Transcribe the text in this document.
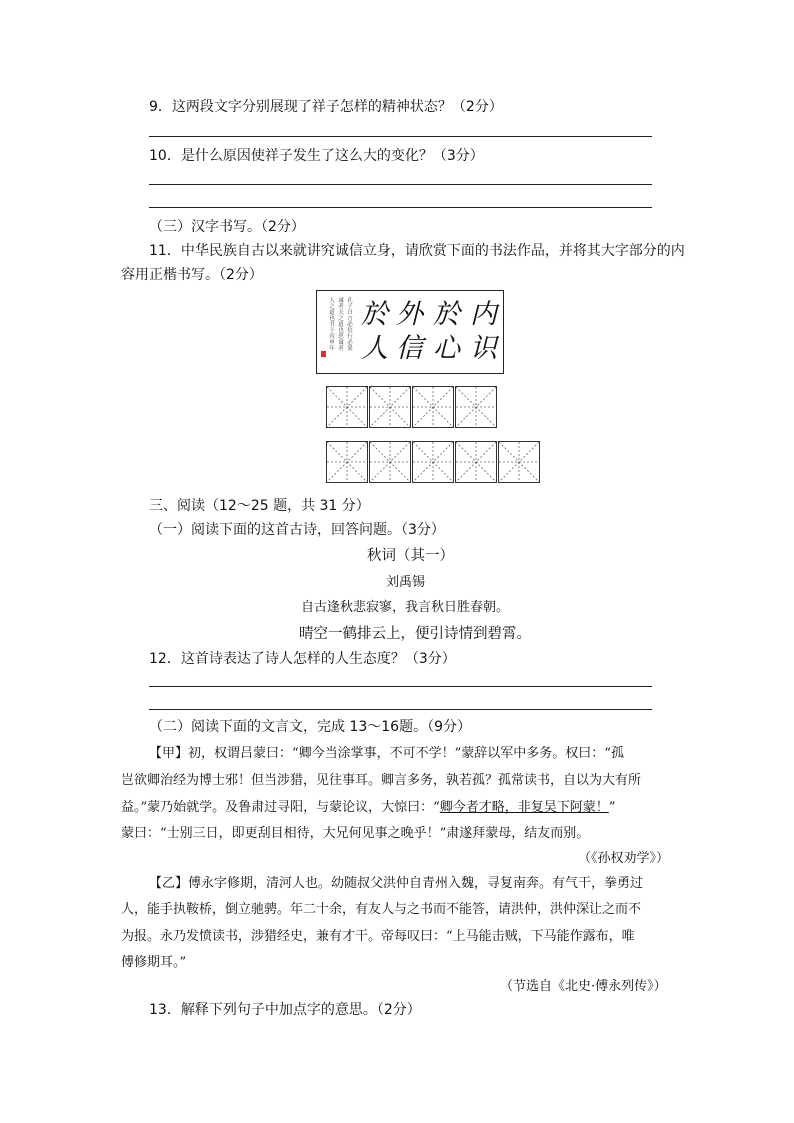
9．这两段文字分别展现了祥子怎样的精神状态？（2分）
10．是什么原因使祥子发生了这么大的变化？（3分）
（三）汉字书写。（2分）
11．中华民族自古以来就讲究诚信立身，请欣赏下面的书法作品，并将其大字部分的内
容用正楷书写。（2分）
内
识
於
心
外
信
於
人
孔子曰言必信行必果
诚者天之道也思诚者
人之道也书于丙申年
三、阅读（12～25 题，共 31 分）
（一）阅读下面的这首古诗，回答问题。（3分）
秋词（其一）
刘禹锡
自古逢秋悲寂寥，我言秋日胜春朝。
晴空一鹤排云上，便引诗情到碧霄。
12．这首诗表达了诗人怎样的人生态度？（3分）
（二）阅读下面的文言文，完成 13～16题。（9分）
【甲】初，权谓吕蒙曰：“卿今当涂掌事，不可不学！”蒙辞以军中多务。权曰：“孤
岂欲卿治经为博士邪！但当涉猎，见往事耳。卿言多务，孰若孤？孤常读书，自以为大有所
益。”蒙乃始就学。及鲁肃过寻阳，与蒙论议，大惊曰：“卿今者才略，非复吴下阿蒙！”
蒙曰：“士别三日，即更刮目相待，大兄何见事之晚乎！”肃遂拜蒙母，结友而别。
（《孙权劝学》）
【乙】傅永字修期，清河人也。幼随叔父洪仲自青州入魏，寻复南奔。有气干，拳勇过
人，能手执鞍桥，倒立驰骋。年二十余，有友人与之书而不能答，请洪仲，洪仲深让之而不
为报。永乃发愤读书，涉猎经史，兼有才干。帝每叹曰：“上马能击贼，下马能作露布，唯
傅修期耳。”
（节选自《北史·傅永列传》）
13．解释下列句子中加点字的意思。（2分）
